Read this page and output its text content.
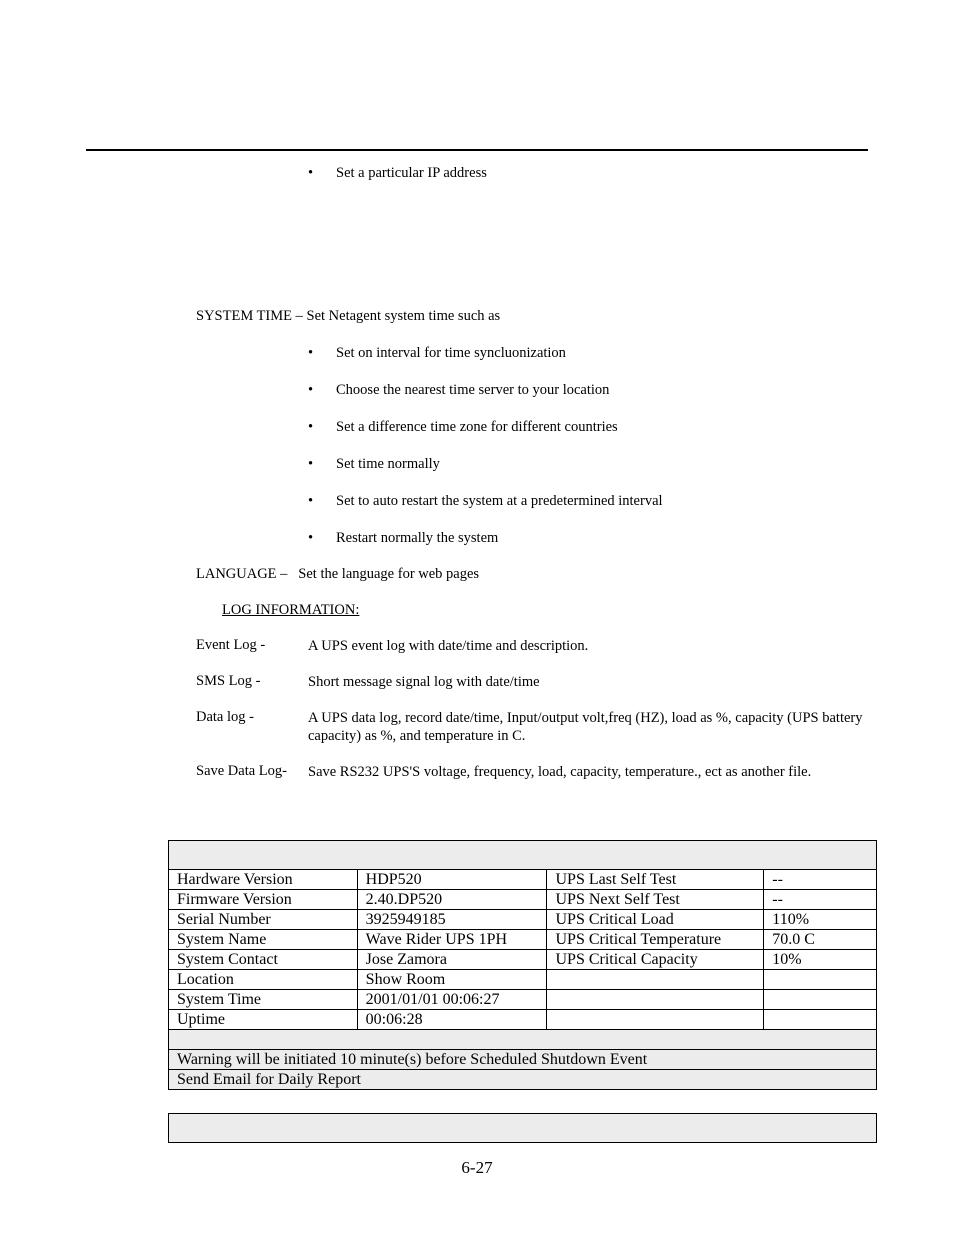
• Set a particular IP address
SYSTEM TIME – Set Netagent system time such as
• Set on interval for time syncluonization
• Choose the nearest time server to your location
• Set a difference time zone for different countries
• Set time normally
• Set to auto restart the system at a predetermined interval
• Restart normally the system
LANGUAGE –   Set the language for web pages
LOG INFORMATION:
Event Log -	A UPS event log with date/time and description.
SMS Log -	Short message signal log with date/time
Data log -	A UPS data log, record date/time, Input/output volt,freq (HZ), load as %, capacity (UPS battery capacity) as %, and temperature in C.
Save Data Log- Save RS232 UPS'S voltage, frequency, load, capacity, temperature., ect as another file.

Hardware Version	HDP520	UPS Last Self Test	--
Firmware Version	2.40.DP520	UPS Next Self Test	--
Serial Number	3925949185	UPS Critical Load	110%
System Name	Wave Rider UPS 1PH	UPS Critical Temperature	70.0 C
System Contact	Jose Zamora	UPS Critical Capacity	10%
Location	Show Room		
System Time	2001/01/01 00:06:27		
Uptime	00:06:28		

Warning will be initiated 10 minute(s) before Scheduled Shutdown Event			
Send Email for Daily Report			
6-27
